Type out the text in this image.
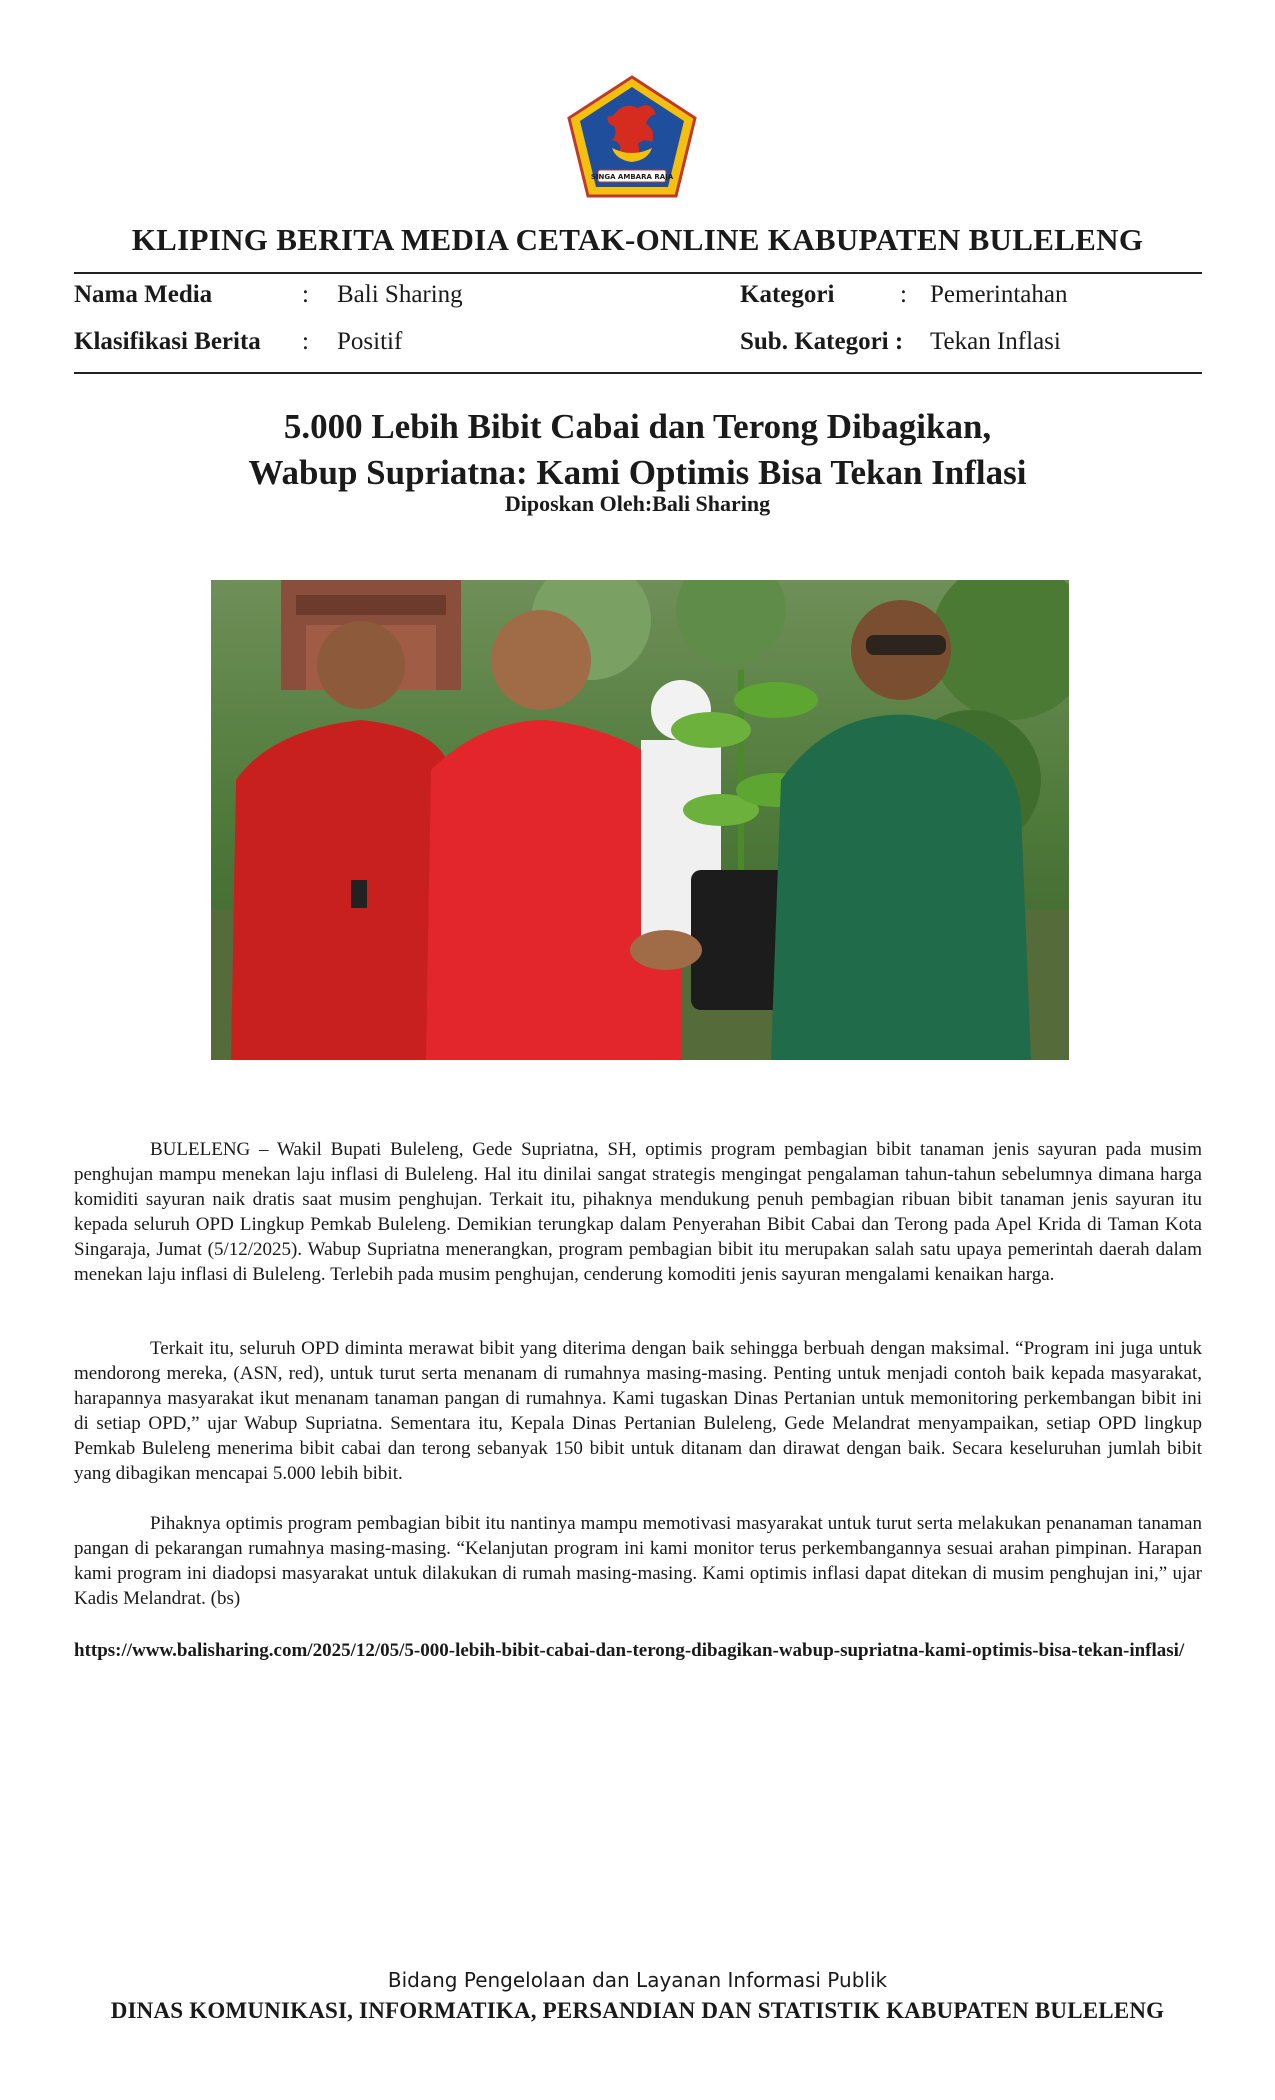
SINGA AMBARA RAJA
KLIPING BERITA MEDIA CETAK-ONLINE KABUPATEN BULELENG
Nama Media	: Bali Sharing	Kategori	: Pemerintahan
Klasifikasi Berita : Positif	Sub. Kategori : Tekan Inflasi
5.000 Lebih Bibit Cabai dan Terong Dibagikan,
Wabup Supriatna: Kami Optimis Bisa Tekan Inflasi
Diposkan Oleh:Bali Sharing

BULELENG – Wakil Bupati Buleleng, Gede Supriatna, SH, optimis program pembagian bibit tanaman jenis sayuran pada musim penghujan mampu menekan laju inflasi di Buleleng. Hal itu dinilai sangat strategis mengingat pengalaman tahun-tahun sebelumnya dimana harga komiditi sayuran naik dratis saat musim penghujan. Terkait itu, pihaknya mendukung penuh pembagian ribuan bibit tanaman jenis sayuran itu kepada seluruh OPD Lingkup Pemkab Buleleng. Demikian terungkap dalam Penyerahan Bibit Cabai dan Terong pada Apel Krida di Taman Kota Singaraja, Jumat (5/12/2025). Wabup Supriatna menerangkan, program pembagian bibit itu merupakan salah satu upaya pemerintah daerah dalam menekan laju inflasi di Buleleng. Terlebih pada musim penghujan, cenderung komoditi jenis sayuran mengalami kenaikan harga.

Terkait itu, seluruh OPD diminta merawat bibit yang diterima dengan baik sehingga berbuah dengan maksimal. “Program ini juga untuk mendorong mereka, (ASN, red), untuk turut serta menanam di rumahnya masing-masing. Penting untuk menjadi contoh baik kepada masyarakat, harapannya masyarakat ikut menanam tanaman pangan di rumahnya. Kami tugaskan Dinas Pertanian untuk memonitoring perkembangan bibit ini di setiap OPD,” ujar Wabup Supriatna. Sementara itu, Kepala Dinas Pertanian Buleleng, Gede Melandrat menyampaikan, setiap OPD lingkup Pemkab Buleleng menerima bibit cabai dan terong sebanyak 150 bibit untuk ditanam dan dirawat dengan baik. Secara keseluruhan jumlah bibit yang dibagikan mencapai 5.000 lebih bibit.

Pihaknya optimis program pembagian bibit itu nantinya mampu memotivasi masyarakat untuk turut serta melakukan penanaman tanaman pangan di pekarangan rumahnya masing-masing. “Kelanjutan program ini kami monitor terus perkembangannya sesuai arahan pimpinan. Harapan kami program ini diadopsi masyarakat untuk dilakukan di rumah masing-masing. Kami optimis inflasi dapat ditekan di musim penghujan ini,” ujar Kadis Melandrat. (bs)

https://www.balisharing.com/2025/12/05/5-000-lebih-bibit-cabai-dan-terong-dibagikan-wabup-supriatna-kami-optimis-bisa-tekan-inflasi/
Bidang Pengelolaan dan Layanan Informasi Publik
DINAS KOMUNIKASI, INFORMATIKA, PERSANDIAN DAN STATISTIK KABUPATEN BULELENG
